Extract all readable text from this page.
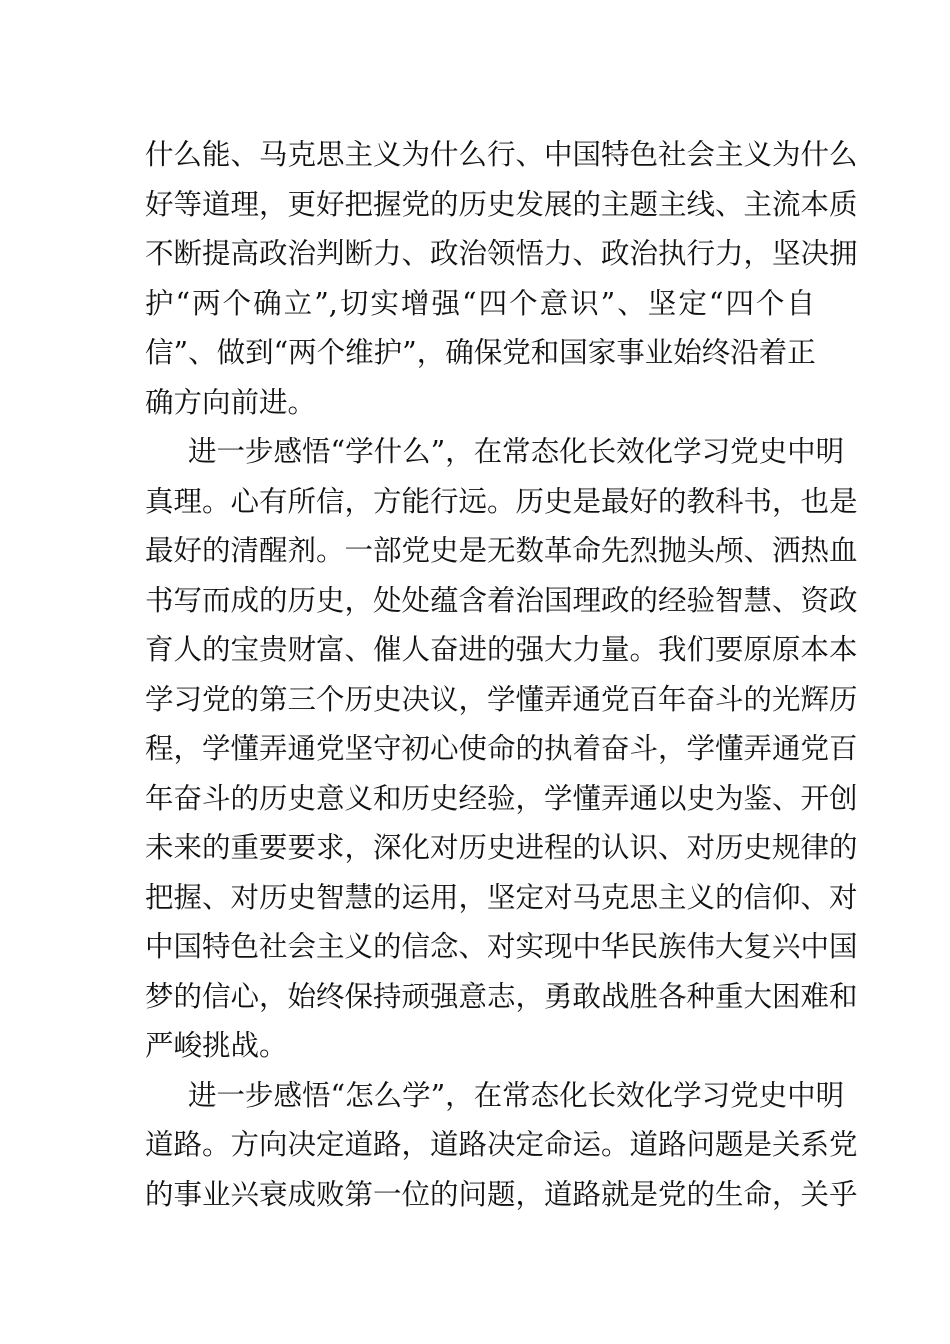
什么能、马克思主义为什么行、中国特色社会主义为什么
好等道理，更好把握党的历史发展的主题主线、主流本质
不断提高政治判断力、政治领悟力、政治执行力，坚决拥
护“两个确立”,切实增强“四个意识”、坚定“四个自
信”、做到“两个维护”，确保党和国家事业始终沿着正
确方向前进。
进一步感悟“学什么”，在常态化长效化学习党史中明
真理。心有所信，方能行远。历史是最好的教科书，也是
最好的清醒剂。一部党史是无数革命先烈抛头颅、洒热血
书写而成的历史，处处蕴含着治国理政的经验智慧、资政
育人的宝贵财富、催人奋进的强大力量。我们要原原本本
学习党的第三个历史决议，学懂弄通党百年奋斗的光辉历
程，学懂弄通党坚守初心使命的执着奋斗，学懂弄通党百
年奋斗的历史意义和历史经验，学懂弄通以史为鉴、开创
未来的重要要求，深化对历史进程的认识、对历史规律的
把握、对历史智慧的运用，坚定对马克思主义的信仰、对
中国特色社会主义的信念、对实现中华民族伟大复兴中国
梦的信心，始终保持顽强意志，勇敢战胜各种重大困难和
严峻挑战。
进一步感悟“怎么学”，在常态化长效化学习党史中明
道路。方向决定道路，道路决定命运。道路问题是关系党
的事业兴衰成败第一位的问题，道路就是党的生命，关乎
